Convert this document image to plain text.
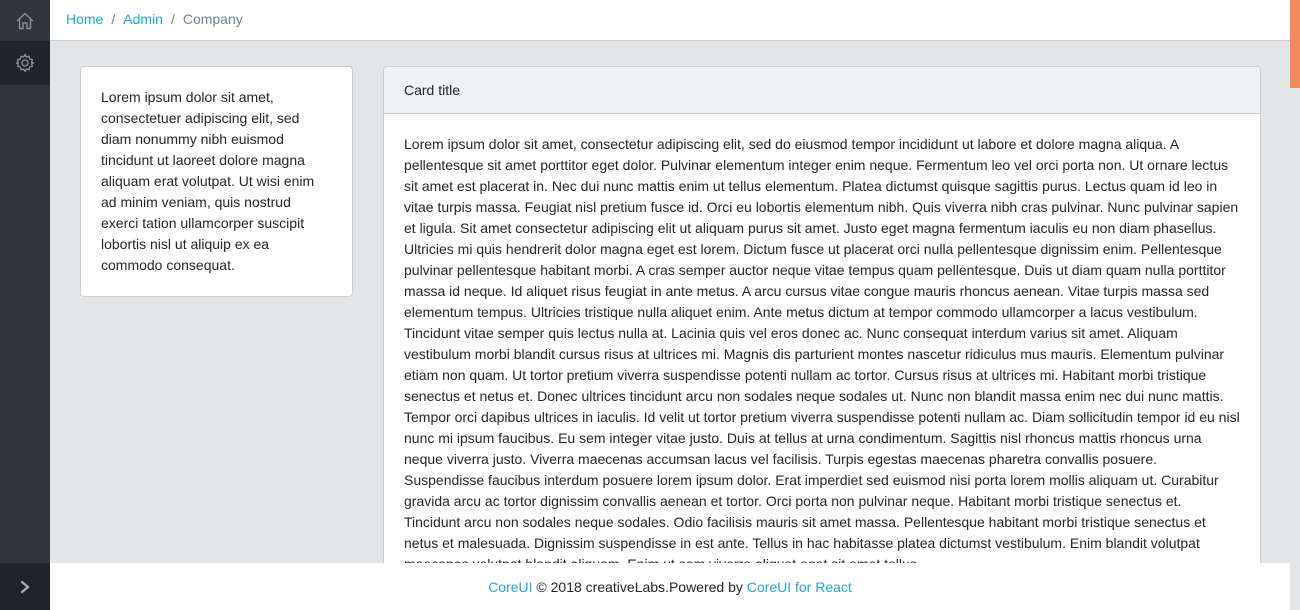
Home / Admin / Company

Lorem ipsum dolor sit amet, consectetuer adipiscing elit, sed diam nonummy nibh euismod tincidunt ut laoreet dolore magna aliquam erat volutpat. Ut wisi enim ad minim veniam, quis nostrud exerci tation ullamcorper suscipit lobortis nisl ut aliquip ex ea commodo consequat.

Card title

Lorem ipsum dolor sit amet, consectetur adipiscing elit, sed do eiusmod tempor incididunt ut labore et dolore magna aliqua. A pellentesque sit amet porttitor eget dolor. Pulvinar elementum integer enim neque. Fermentum leo vel orci porta non. Ut ornare lectus sit amet est placerat in. Nec dui nunc mattis enim ut tellus elementum. Platea dictumst quisque sagittis purus. Lectus quam id leo in vitae turpis massa. Feugiat nisl pretium fusce id. Orci eu lobortis elementum nibh. Quis viverra nibh cras pulvinar. Nunc pulvinar sapien et ligula. Sit amet consectetur adipiscing elit ut aliquam purus sit amet. Justo eget magna fermentum iaculis eu non diam phasellus. Ultricies mi quis hendrerit dolor magna eget est lorem. Dictum fusce ut placerat orci nulla pellentesque dignissim enim. Pellentesque pulvinar pellentesque habitant morbi. A cras semper auctor neque vitae tempus quam pellentesque. Duis ut diam quam nulla porttitor massa id neque. Id aliquet risus feugiat in ante metus. A arcu cursus vitae congue mauris rhoncus aenean. Vitae turpis massa sed elementum tempus. Ultricies tristique nulla aliquet enim. Ante metus dictum at tempor commodo ullamcorper a lacus vestibulum. Tincidunt vitae semper quis lectus nulla at. Lacinia quis vel eros donec ac. Nunc consequat interdum varius sit amet. Aliquam vestibulum morbi blandit cursus risus at ultrices mi. Magnis dis parturient montes nascetur ridiculus mus mauris. Elementum pulvinar etiam non quam. Ut tortor pretium viverra suspendisse potenti nullam ac tortor. Cursus risus at ultrices mi. Habitant morbi tristique senectus et netus et. Donec ultrices tincidunt arcu non sodales neque sodales ut. Nunc non blandit massa enim nec dui nunc mattis. Tempor orci dapibus ultrices in iaculis. Id velit ut tortor pretium viverra suspendisse potenti nullam ac. Diam sollicitudin tempor id eu nisl nunc mi ipsum faucibus. Eu sem integer vitae justo. Duis at tellus at urna condimentum. Sagittis nisl rhoncus mattis rhoncus urna neque viverra justo. Viverra maecenas accumsan lacus vel facilisis. Turpis egestas maecenas pharetra convallis posuere. Suspendisse faucibus interdum posuere lorem ipsum dolor. Erat imperdiet sed euismod nisi porta lorem mollis aliquam ut. Curabitur gravida arcu ac tortor dignissim convallis aenean et tortor. Orci porta non pulvinar neque. Habitant morbi tristique senectus et. Tincidunt arcu non sodales neque sodales. Odio facilisis mauris sit amet massa. Pellentesque habitant morbi tristique senectus et netus et malesuada. Dignissim suspendisse in est ante. Tellus in hac habitasse platea dictumst vestibulum. Enim blandit volutpat

CoreUI © 2018 creativeLabs.Powered by CoreUI for React
